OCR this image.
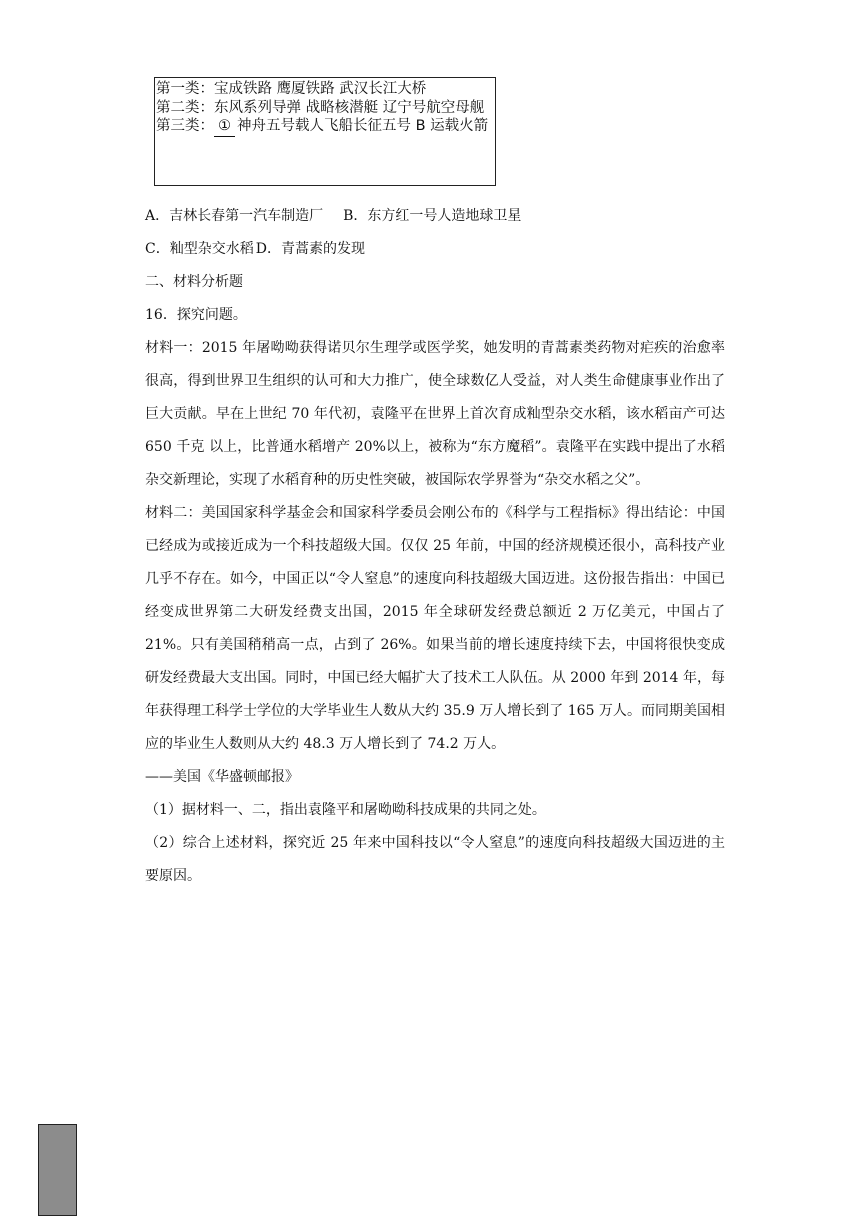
第一类：宝成铁路 鹰厦铁路 武汉长江大桥
第二类：东风系列导弹 战略核潜艇 辽宁号航空母舰
第三类： ① 神舟五号载人飞船长征五号 B 运载火箭

A．吉林长春第一汽车制造厂 B．东方红一号人造地球卫星

C．籼型杂交水稻 D．青蒿素的发现

二、材料分析题

16．探究问题。

材料一：2015 年屠呦呦获得诺贝尔生理学或医学奖，她发明的青蒿素类药物对疟疾的治愈率很高，得到世界卫生组织的认可和大力推广，使全球数亿人受益，对人类生命健康事业作出了巨大贡献。早在上世纪 70 年代初，袁隆平在世界上首次育成籼型杂交水稻，该水稻亩产可达 650 千克 以上，比普通水稻增产 20%以上，被称为“东方魔稻”。袁隆平在实践中提出了水稻杂交新理论，实现了水稻育种的历史性突破，被国际农学界誉为“杂交水稻之父”。

材料二：美国国家科学基金会和国家科学委员会刚公布的《科学与工程指标》得出结论：中国已经成为或接近成为一个科技超级大国。仅仅 25 年前，中国的经济规模还很小，高科技产业几乎不存在。如今，中国正以“令人窒息”的速度向科技超级大国迈进。这份报告指出：中国已经变成世界第二大研发经费支出国，2015 年全球研发经费总额近 2 万亿美元，中国占了 21%。只有美国稍稍高一点，占到了 26%。如果当前的增长速度持续下去，中国将很快变成研发经费最大支出国。同时，中国已经大幅扩大了技术工人队伍。从 2000 年到 2014 年，每年获得理工科学士学位的大学毕业生人数从大约 35.9 万人增长到了 165 万人。而同期美国相应的毕业生人数则从大约 48.3 万人增长到了 74.2 万人。

——美国《华盛顿邮报》

（1）据材料一、二，指出袁隆平和屠呦呦科技成果的共同之处。

（2）综合上述材料，探究近 25 年来中国科技以“令人窒息”的速度向科技超级大国迈进的主要原因。
